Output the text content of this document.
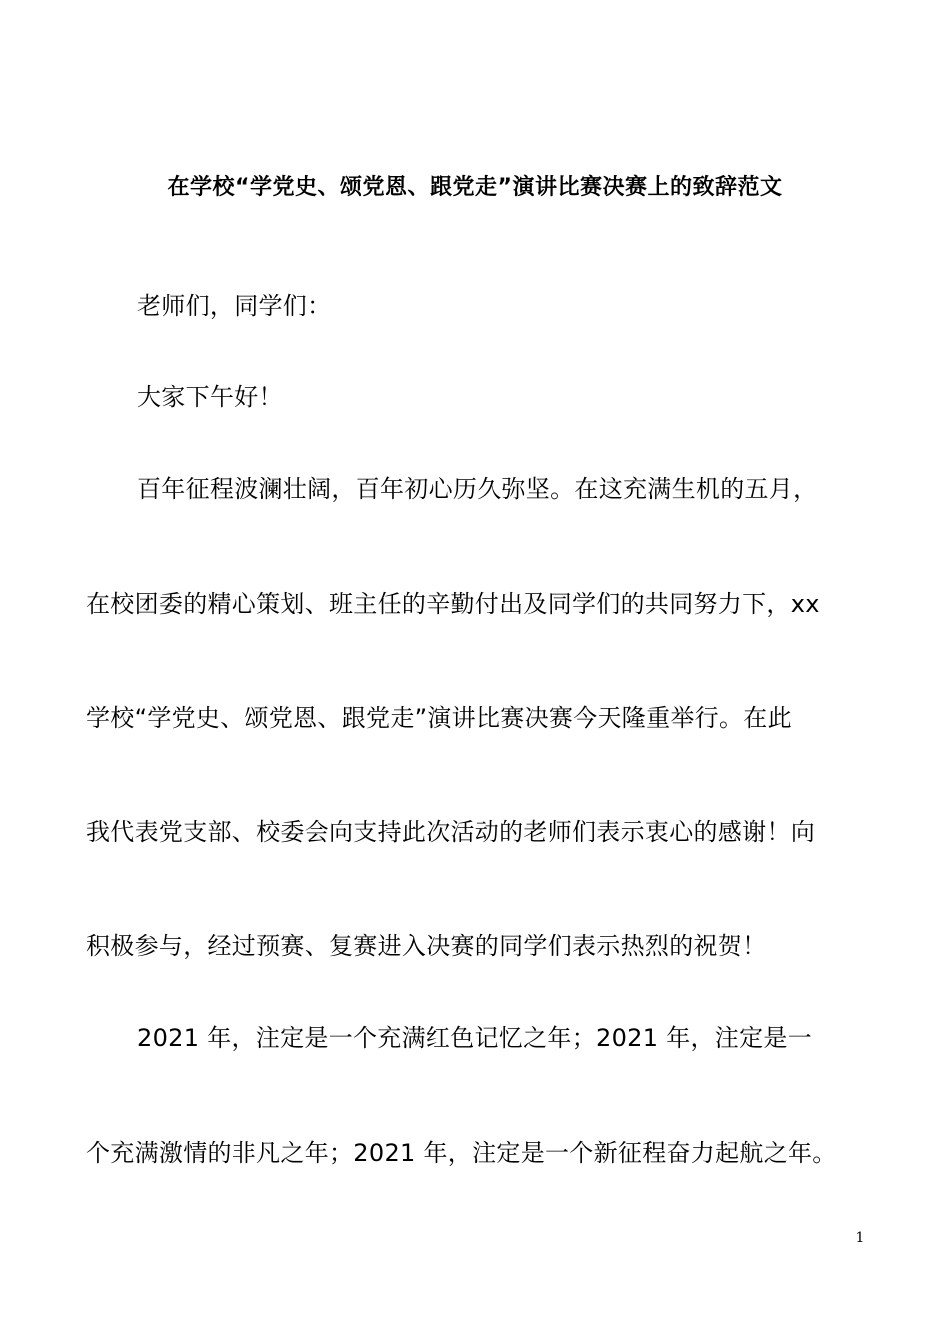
在学校“学党史、颂党恩、跟党走”演讲比赛决赛上的致辞范文
老师们，同学们：
大家下午好！
百年征程波澜壮阔，百年初心历久弥坚。在这充满生机的五月，
在校团委的精心策划、班主任的辛勤付出及同学们的共同努力下，xx
学校“学党史、颂党恩、跟党走”演讲比赛决赛今天隆重举行。在此
我代表党支部、校委会向支持此次活动的老师们表示衷心的感谢！向
积极参与，经过预赛、复赛进入决赛的同学们表示热烈的祝贺！
2021 年，注定是一个充满红色记忆之年；2021 年，注定是一
个充满激情的非凡之年；2021 年，注定是一个新征程奋力起航之年。
1
